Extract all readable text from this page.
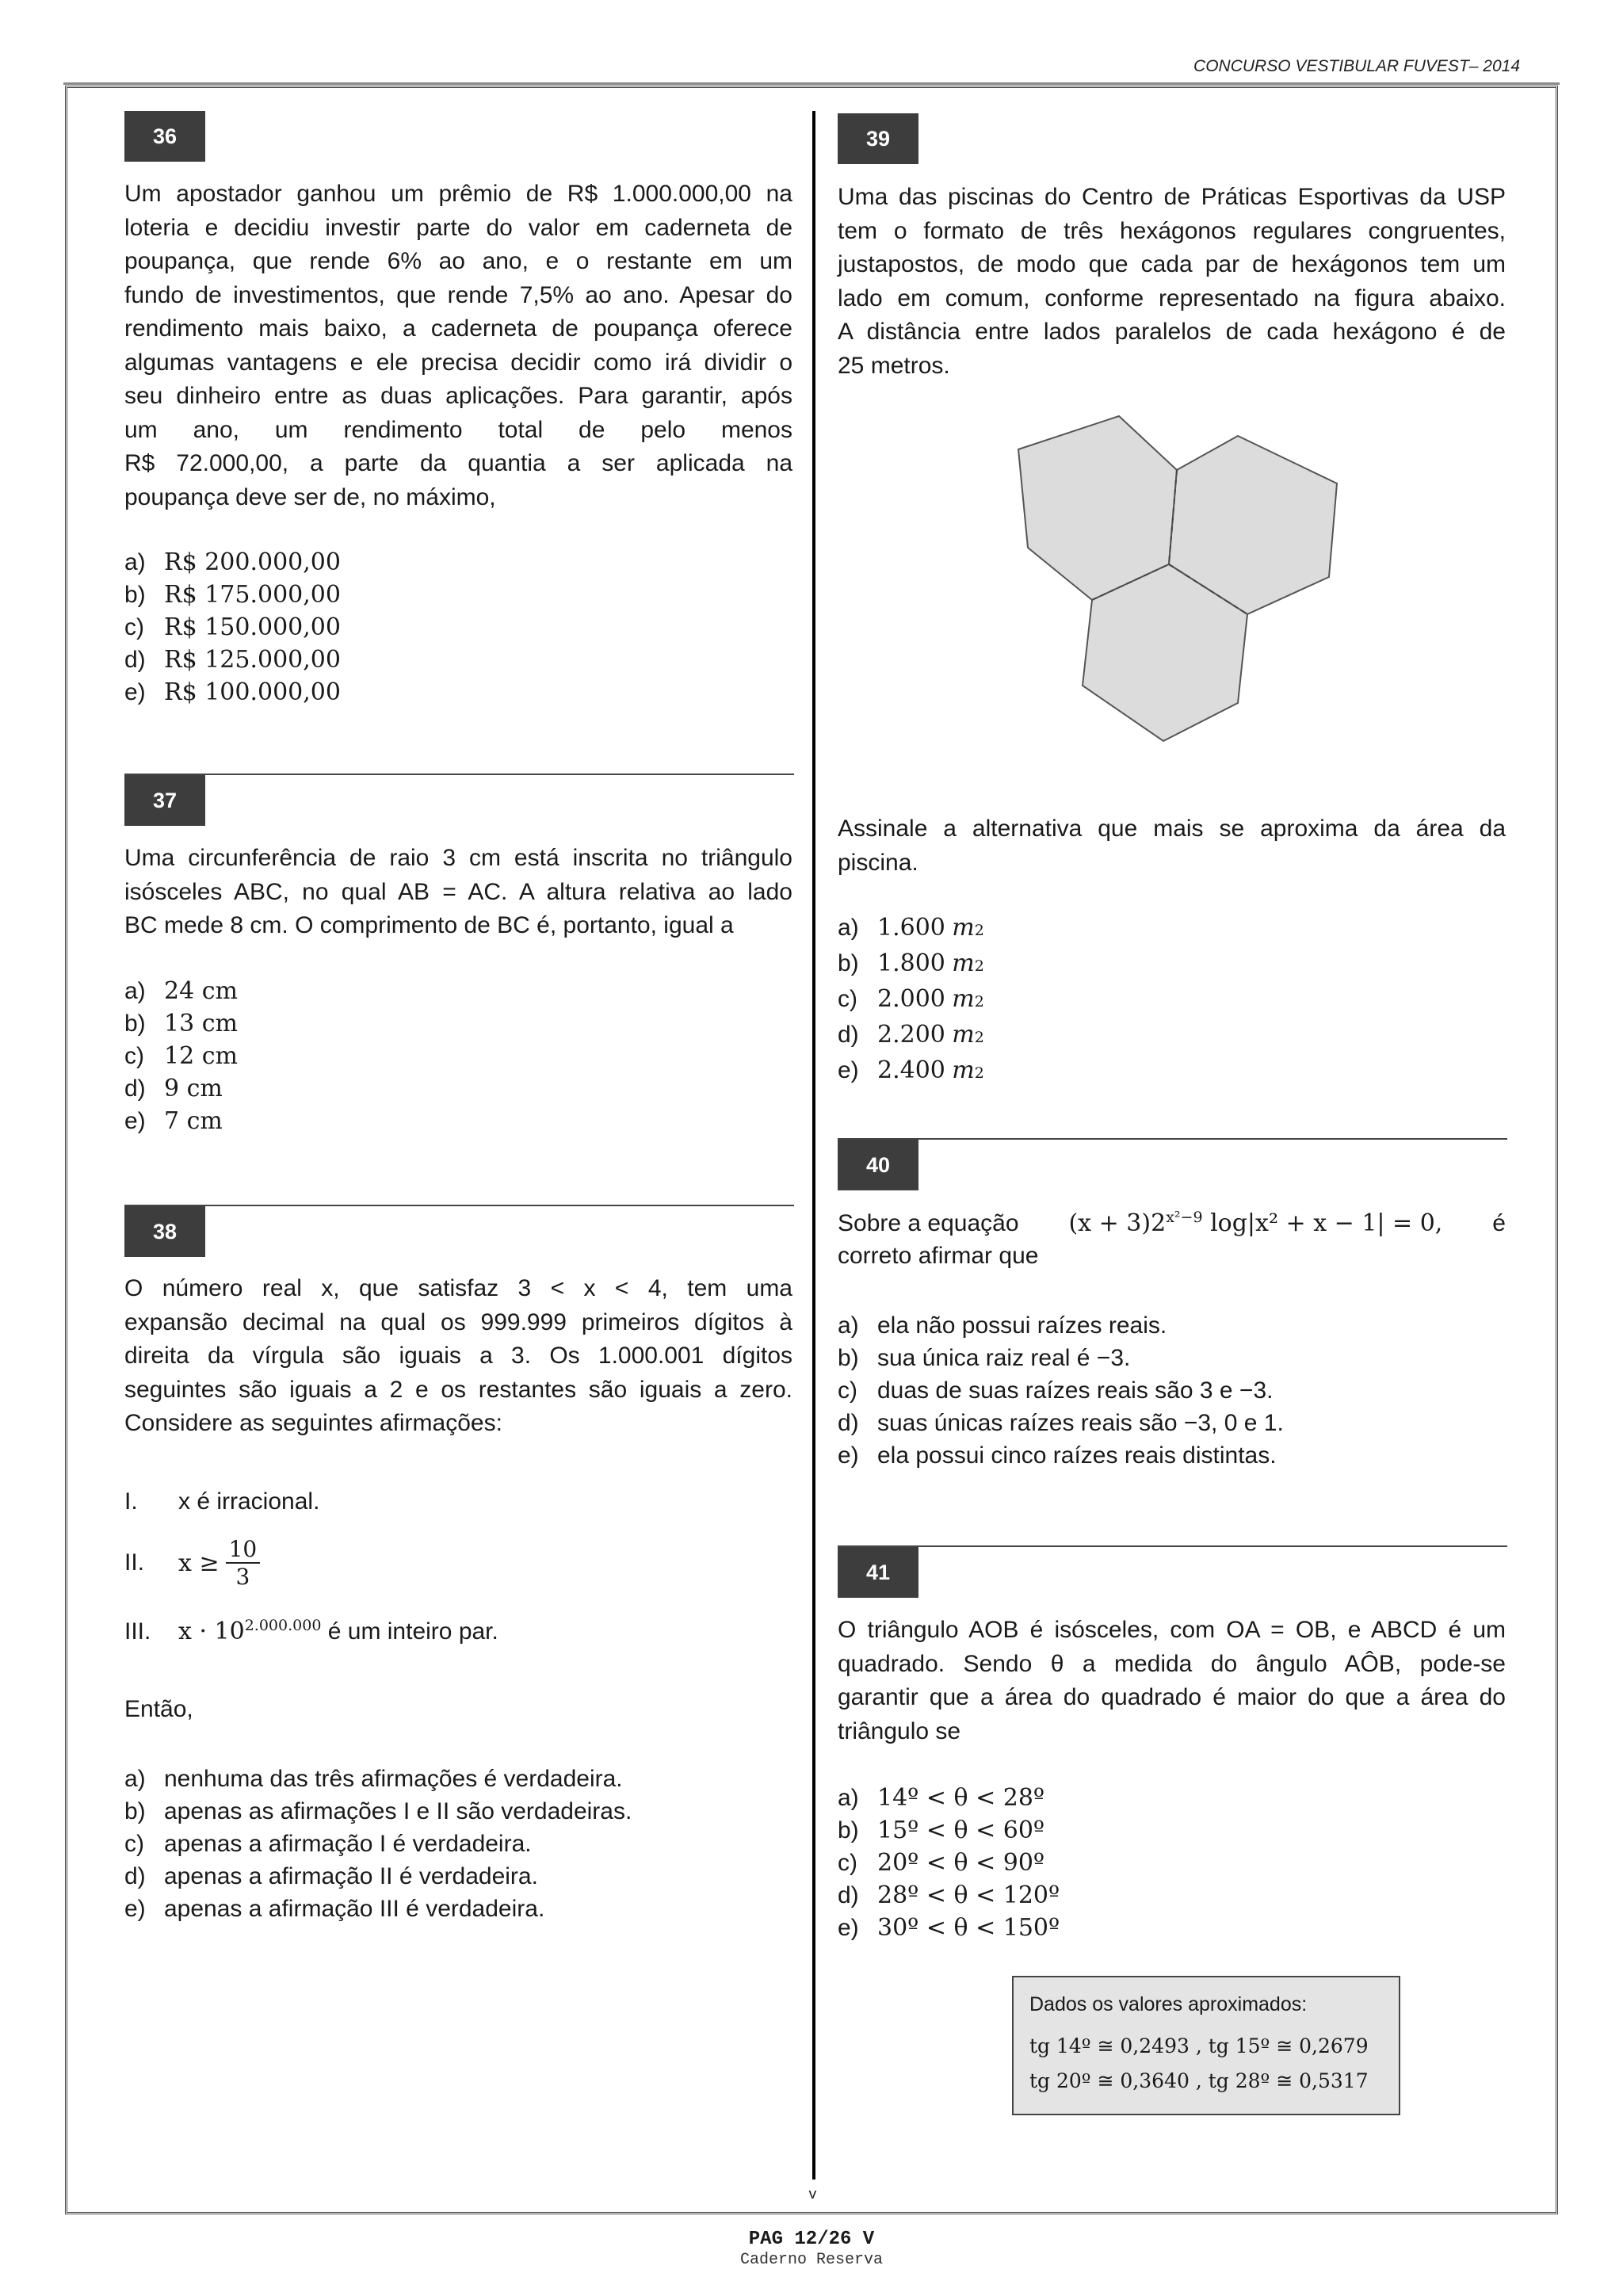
CONCURSO VESTIBULAR FUVEST– 2014
v
PAG 12/26 V
Caderno Reserva
36
Um apostador ganhou um prêmio de R$ 1.000.000,00 na
loteria e decidiu investir parte do valor em caderneta de
poupança, que rende 6% ao ano, e o restante em um
fundo de investimentos, que rende 7,5% ao ano. Apesar do
rendimento mais baixo, a caderneta de poupança oferece
algumas vantagens e ele precisa decidir como irá dividir o
seu dinheiro entre as duas aplicações. Para garantir, após
um ano, um rendimento total de pelo menos
R$ 72.000,00, a parte da quantia a ser aplicada na
poupança deve ser de, no máximo,
a) R$ 200.000,00
b) R$ 175.000,00
c) R$ 150.000,00
d) R$ 125.000,00
e) R$ 100.000,00
37
Uma circunferência de raio 3 cm está inscrita no triângulo
isósceles ABC, no qual AB = AC. A altura relativa ao lado
BC mede 8 cm. O comprimento de BC é, portanto, igual a
a) 24 cm
b) 13 cm
c) 12 cm
d) 9 cm
e) 7 cm
38
O número real x, que satisfaz 3 < x < 4, tem uma
expansão decimal na qual os 999.999 primeiros dígitos à
direita da vírgula são iguais a 3. Os 1.000.001 dígitos
seguintes são iguais a 2 e os restantes são iguais a zero.
Considere as seguintes afirmações:
I. x é irracional.
II.	$x \ge \frac{10}{3}$
III. $x \cdot 10^{2.000.000}$ é um inteiro par.
Então,
a) nenhuma das três afirmações é verdadeira.
b) apenas as afirmações I e II são verdadeiras.
c) apenas a afirmação I é verdadeira.
d) apenas a afirmação II é verdadeira.
e) apenas a afirmação III é verdadeira.
39
Uma das piscinas do Centro de Práticas Esportivas da USP
tem o formato de três hexágonos regulares congruentes,
justapostos, de modo que cada par de hexágonos tem um
lado em comum, conforme representado na figura abaixo.
A distância entre lados paralelos de cada hexágono é de
25 metros.
Assinale a alternativa que mais se aproxima da área da
piscina.
a) 1.600
m 2
b) 1.800
m 2
c) 2.000
m 2
d) 2.200
m 2
e) 2.400
m 2
40
Sobre a equação $(x + 3)2^{x^2-9}$ log|x² + x − 1| = 0, é
correto afirmar que
a) ela não possui raízes reais.
b) sua única raiz real é −3.
c) duas de suas raízes reais são 3 e −3.
d) suas únicas raízes reais são −3, 0 e 1.
e) ela possui cinco raízes reais distintas.
41
O triângulo AOB é isósceles, com OA = OB, e ABCD é um
quadrado. Sendo θ a medida do ângulo AÔB, pode-se
garantir que a área do quadrado é maior do que a área do
triângulo se
a) 14º < θ < 28º
b) 15º < θ < 60º
c) 20º < θ < 90º
d) 28º < θ < 120º
e) 30º < θ < 150º
Dados os valores aproximados:
tg 14º ≅ 0,2493 , tg 15º ≅ 0,2679
tg 20º ≅ 0,3640 , tg 28º ≅ 0,5317
